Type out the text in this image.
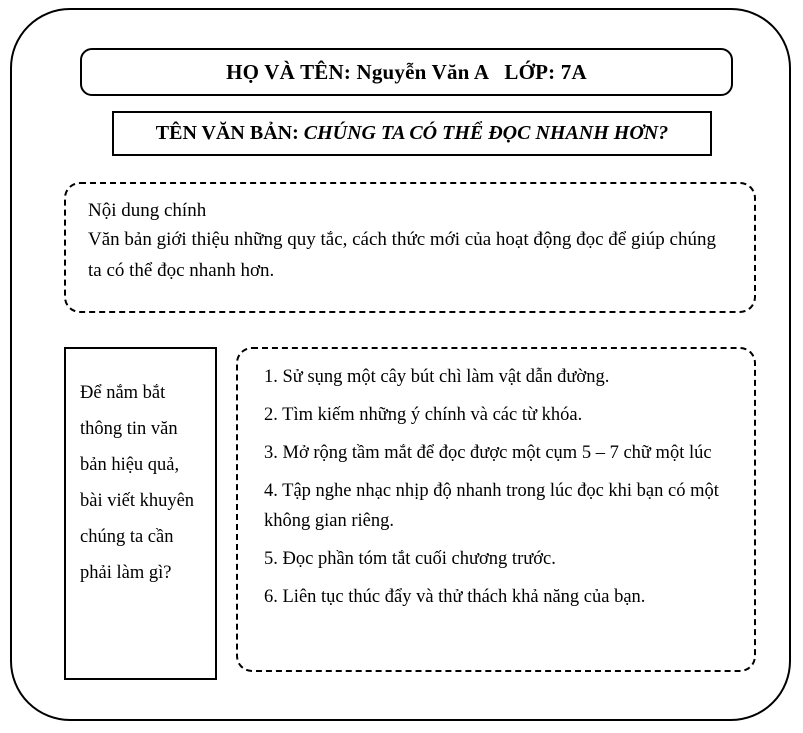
HỌ VÀ TÊN: Nguyễn Văn A   LỚP: 7A
TÊN VĂN BẢN: CHÚNG TA CÓ THỂ ĐỌC NHANH HƠN?
Nội dung chính
Văn bản giới thiệu những quy tắc, cách thức mới của hoạt động đọc để giúp chúng ta có thể đọc nhanh hơn.
Để nắm bắt thông tin văn bản hiệu quả, bài viết khuyên chúng ta cần phải làm gì?
1. Sử sụng một cây bút chì làm vật dẫn đường.
2. Tìm kiếm những ý chính và các từ khóa.
3. Mở rộng tầm mắt để đọc được một cụm 5 – 7 chữ một lúc
4. Tập nghe nhạc nhịp độ nhanh trong lúc đọc khi bạn có một không gian riêng.
5. Đọc phần tóm tắt cuối chương trước.
6. Liên tục thúc đẩy và thử thách khả năng của bạn.
